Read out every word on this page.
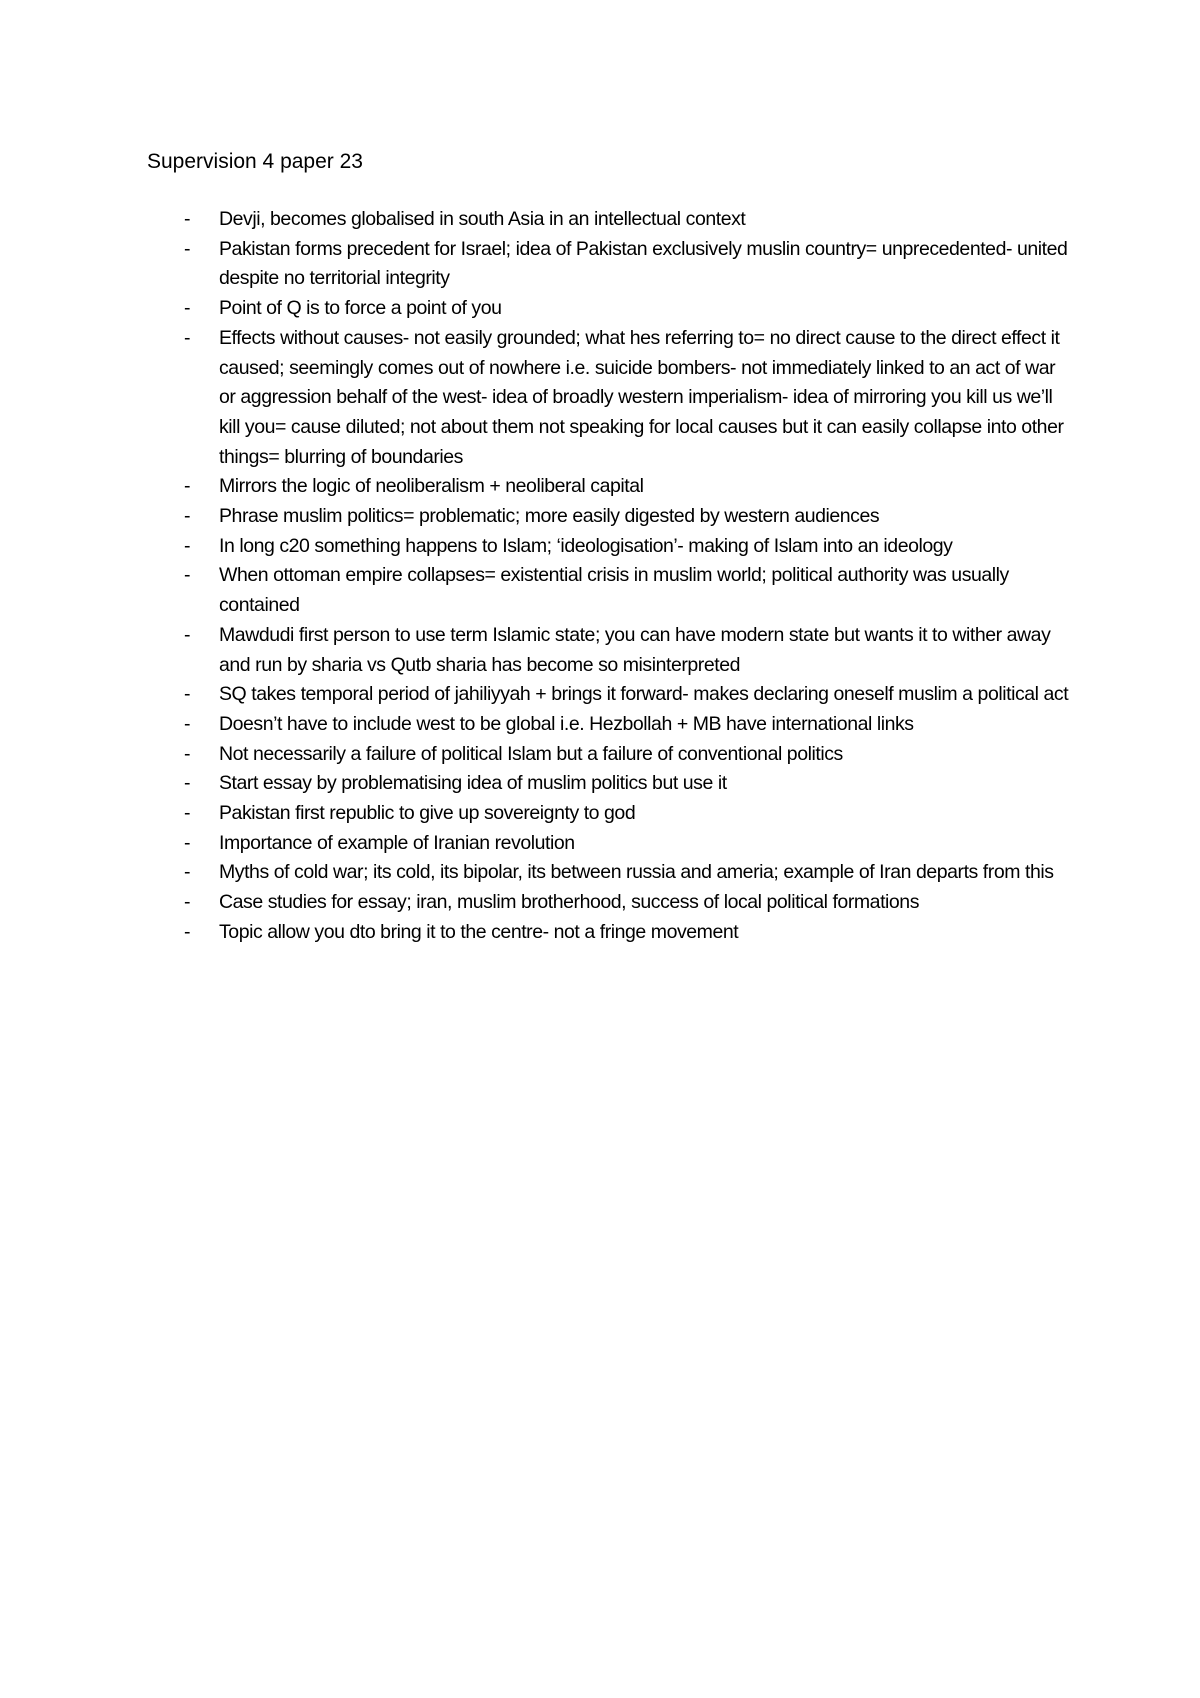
Supervision 4 paper 23
- Devji, becomes globalised in south Asia in an intellectual context
- Pakistan forms precedent for Israel; idea of Pakistan exclusively muslin country= unprecedented- united despite no territorial integrity
- Point of Q is to force a point of you
- Effects without causes- not easily grounded; what hes referring to= no direct cause to the direct effect it caused; seemingly comes out of nowhere i.e. suicide bombers- not immediately linked to an act of war or aggression behalf of the west- idea of broadly western imperialism- idea of mirroring you kill us we’ll kill you= cause diluted; not about them not speaking for local causes but it can easily collapse into other things= blurring of boundaries
- Mirrors the logic of neoliberalism + neoliberal capital
- Phrase muslim politics= problematic; more easily digested by western audiences
- In long c20 something happens to Islam; ‘ideologisation’- making of Islam into an ideology
- When ottoman empire collapses= existential crisis in muslim world; political authority was usually contained
- Mawdudi first person to use term Islamic state; you can have modern state but wants it to wither away and run by sharia vs Qutb sharia has become so misinterpreted
- SQ takes temporal period of jahiliyyah + brings it forward- makes declaring oneself muslim a political act
- Doesn’t have to include west to be global i.e. Hezbollah + MB have international links
- Not necessarily a failure of political Islam but a failure of conventional politics
- Start essay by problematising idea of muslim politics but use it
- Pakistan first republic to give up sovereignty to god
- Importance of example of Iranian revolution
- Myths of cold war; its cold, its bipolar, its between russia and ameria; example of Iran departs from this
- Case studies for essay; iran, muslim brotherhood, success of local political formations
- Topic allow you dto bring it to the centre- not a fringe movement
